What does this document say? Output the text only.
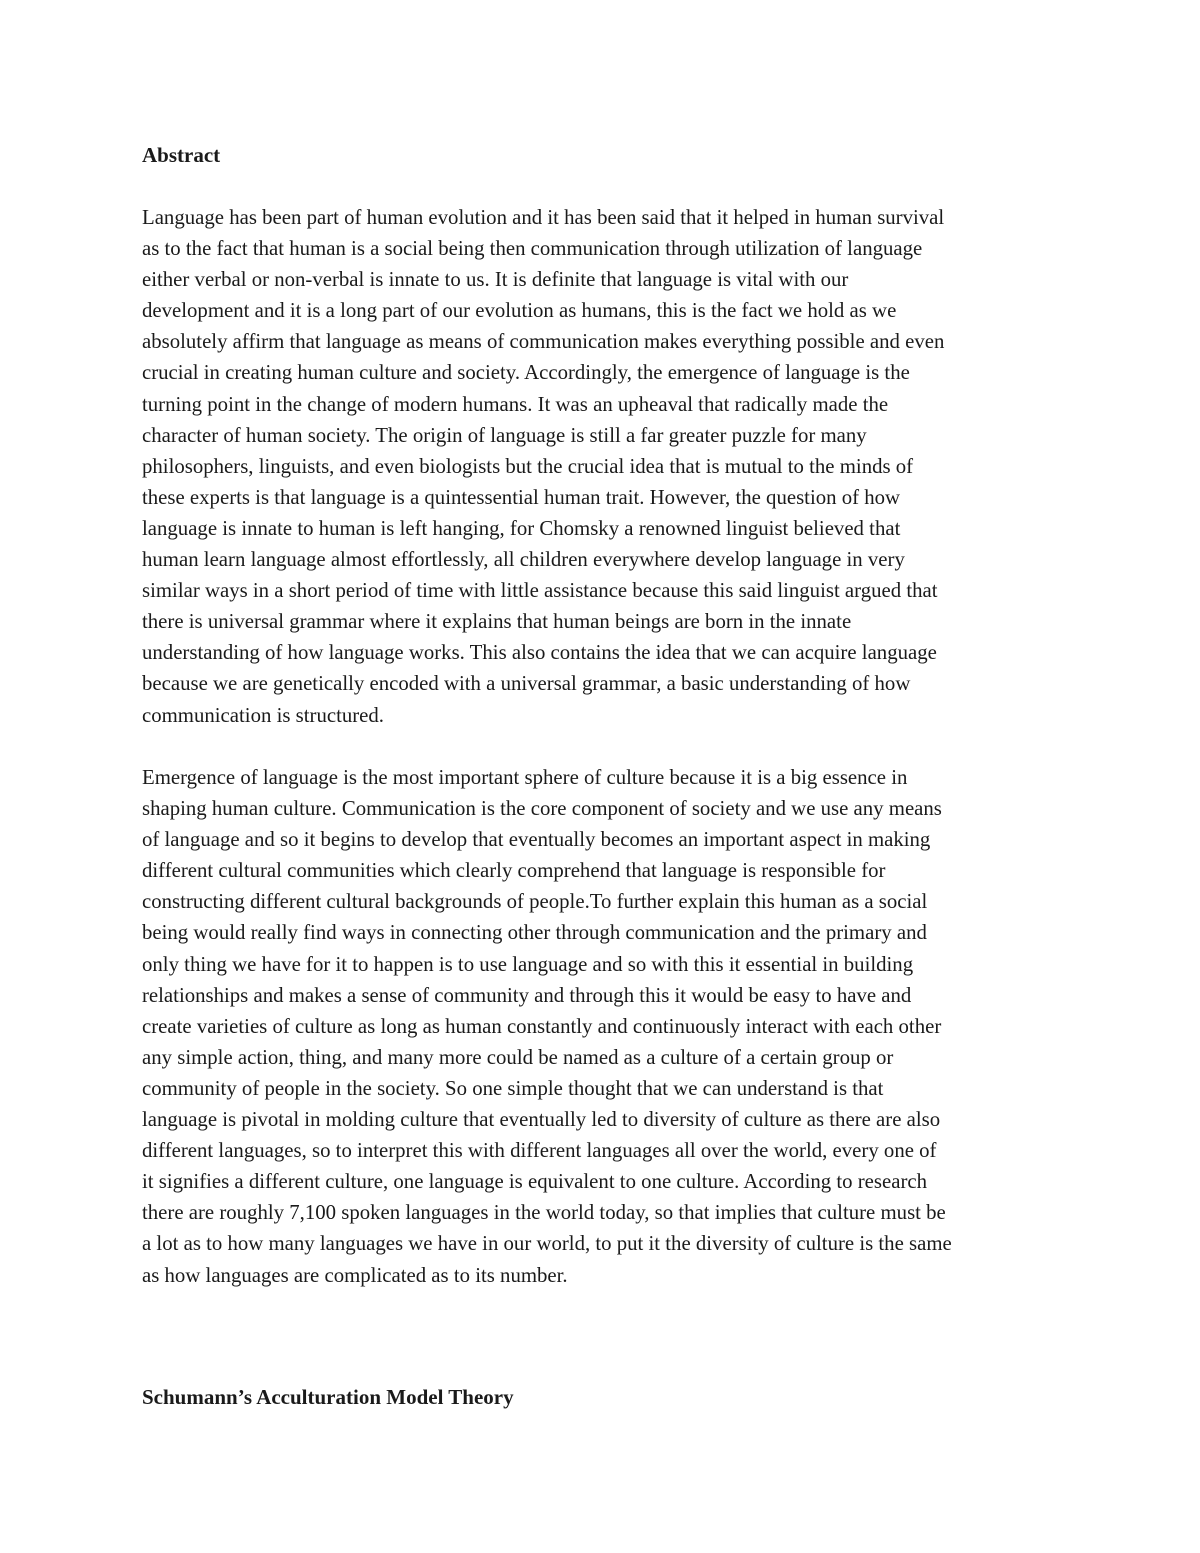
Abstract

Language has been part of human evolution and it has been said that it helped in human survival
as to the fact that human is a social being then communication through utilization of language
either verbal or non-verbal is innate to us. It is definite that language is vital with our
development and it is a long part of our evolution as humans, this is the fact we hold as we
absolutely affirm that language as means of communication makes everything possible and even
crucial in creating human culture and society. Accordingly, the emergence of language is the
turning point in the change of modern humans. It was an upheaval that radically made the
character of human society. The origin of language is still a far greater puzzle for many
philosophers, linguists, and even biologists but the crucial idea that is mutual to the minds of
these experts is that language is a quintessential human trait. However, the question of how
language is innate to human is left hanging, for Chomsky a renowned linguist believed that
human learn language almost effortlessly, all children everywhere develop language in very
similar ways in a short period of time with little assistance because this said linguist argued that
there is universal grammar where it explains that human beings are born in the innate
understanding of how language works. This also contains the idea that we can acquire language
because we are genetically encoded with a universal grammar, a basic understanding of how
communication is structured.

Emergence of language is the most important sphere of culture because it is a big essence in
shaping human culture. Communication is the core component of society and we use any means
of language and so it begins to develop that eventually becomes an important aspect in making
different cultural communities which clearly comprehend that language is responsible for
constructing different cultural backgrounds of people.To further explain this human as a social
being would really find ways in connecting other through communication and the primary and
only thing we have for it to happen is to use language and so with this it essential in building
relationships and makes a sense of community and through this it would be easy to have and
create varieties of culture as long as human constantly and continuously interact with each other
any simple action, thing, and many more could be named as a culture of a certain group or
community of people in the society. So one simple thought that we can understand is that
language is pivotal in molding culture that eventually led to diversity of culture as there are also
different languages, so to interpret this with different languages all over the world, every one of
it signifies a different culture, one language is equivalent to one culture. According to research
there are roughly 7,100 spoken languages in the world today, so that implies that culture must be
a lot as to how many languages we have in our world, to put it the diversity of culture is the same
as how languages are complicated as to its number.

Schumann’s Acculturation Model Theory
